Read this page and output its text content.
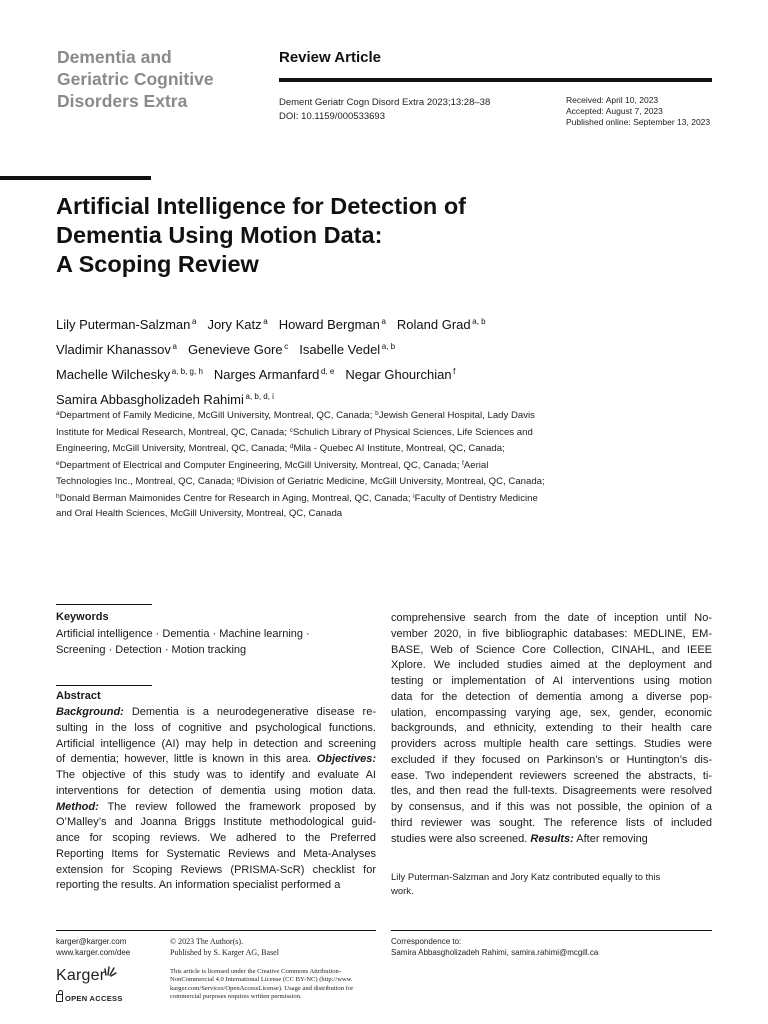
Dementia and
Geriatric Cognitive
Disorders Extra
Review Article
Dement Geriatr Cogn Disord Extra 2023;13:28–38
DOI: 10.1159/000533693
Received: April 10, 2023
Accepted: August 7, 2023
Published online: September 13, 2023
Artificial Intelligence for Detection of
Dementia Using Motion Data:
A Scoping Review
Lily Puterman-Salzman $^a$ Jory Katz $^a$ Howard Bergman $^a$ Roland Grad $^{a, b}$
Vladimir Khanassov $^a$ Genevieve Gore $^c$ Isabelle Vedel $^{a, b}$
Machelle Wilchesky $^{a, b, g, h}$ Narges Armanfard $^{d, e}$ Negar Ghourchian $^f$
Samira Abbasgholizadeh Rahimi $^{a, b, d, i}$
$^a$Department of Family Medicine, McGill University, Montreal, QC, Canada; $^b$Jewish General Hospital, Lady Davis
Institute for Medical Research, Montreal, QC, Canada; $^c$Schulich Library of Physical Sciences, Life Sciences and
Engineering, McGill University, Montreal, QC, Canada; $^d$Mila - Quebec AI Institute, Montreal, QC, Canada;
$^e$Department of Electrical and Computer Engineering, McGill University, Montreal, QC, Canada; $^f$Aerial
Technologies Inc., Montreal, QC, Canada; $^g$Division of Geriatric Medicine, McGill University, Montreal, QC, Canada;
$^h$Donald Berman Maimonides Centre for Research in Aging, Montreal, QC, Canada; $^i$Faculty of Dentistry Medicine
and Oral Health Sciences, McGill University, Montreal, QC, Canada
Keywords
Artificial intelligence · Dementia · Machine learning ·
Screening · Detection · Motion tracking
Abstract
Background: Dementia is a neurodegenerative disease re-
sulting in the loss of cognitive and psychological functions.
Artificial intelligence (AI) may help in detection and screening
of dementia; however, little is known in this area. Objectives:
The objective of this study was to identify and evaluate AI
interventions for detection of dementia using motion data.
Method: The review followed the framework proposed by
O’Malley’s and Joanna Briggs Institute methodological guid-
ance for scoping reviews. We adhered to the Preferred
Reporting Items for Systematic Reviews and Meta-Analyses
extension for Scoping Reviews (PRISMA-ScR) checklist for
reporting the results. An information specialist performed a
comprehensive search from the date of inception until No-
vember 2020, in five bibliographic databases: MEDLINE, EM-
BASE, Web of Science Core Collection, CINAHL, and IEEE
Xplore. We included studies aimed at the deployment and
testing or implementation of AI interventions using motion
data for the detection of dementia among a diverse pop-
ulation, encompassing varying age, sex, gender, economic
backgrounds, and ethnicity, extending to their health care
providers across multiple health care settings. Studies were
excluded if they focused on Parkinson’s or Huntington’s dis-
ease. Two independent reviewers screened the abstracts, ti-
tles, and then read the full-texts. Disagreements were resolved
by consensus, and if this was not possible, the opinion of a
third reviewer was sought. The reference lists of included
studies were also screened. Results: After removing
Lily Puterman-Salzman and Jory Katz contributed equally to this
work.
karger@karger.com
www.karger.com/dee
© 2023 The Author(s).
Published by S. Karger AG, Basel
This article is licensed under the Creative Commons Attribution-
NonCommercial 4.0 International License (CC BY-NC) (http://www.
karger.com/Services/OpenAccessLicense). Usage and distribution for
commercial purposes requires written permission.
Correspondence to:
Samira Abbasgholizadeh Rahimi, samira.rahimi@mcgill.ca
Karger
OPEN ACCESS
